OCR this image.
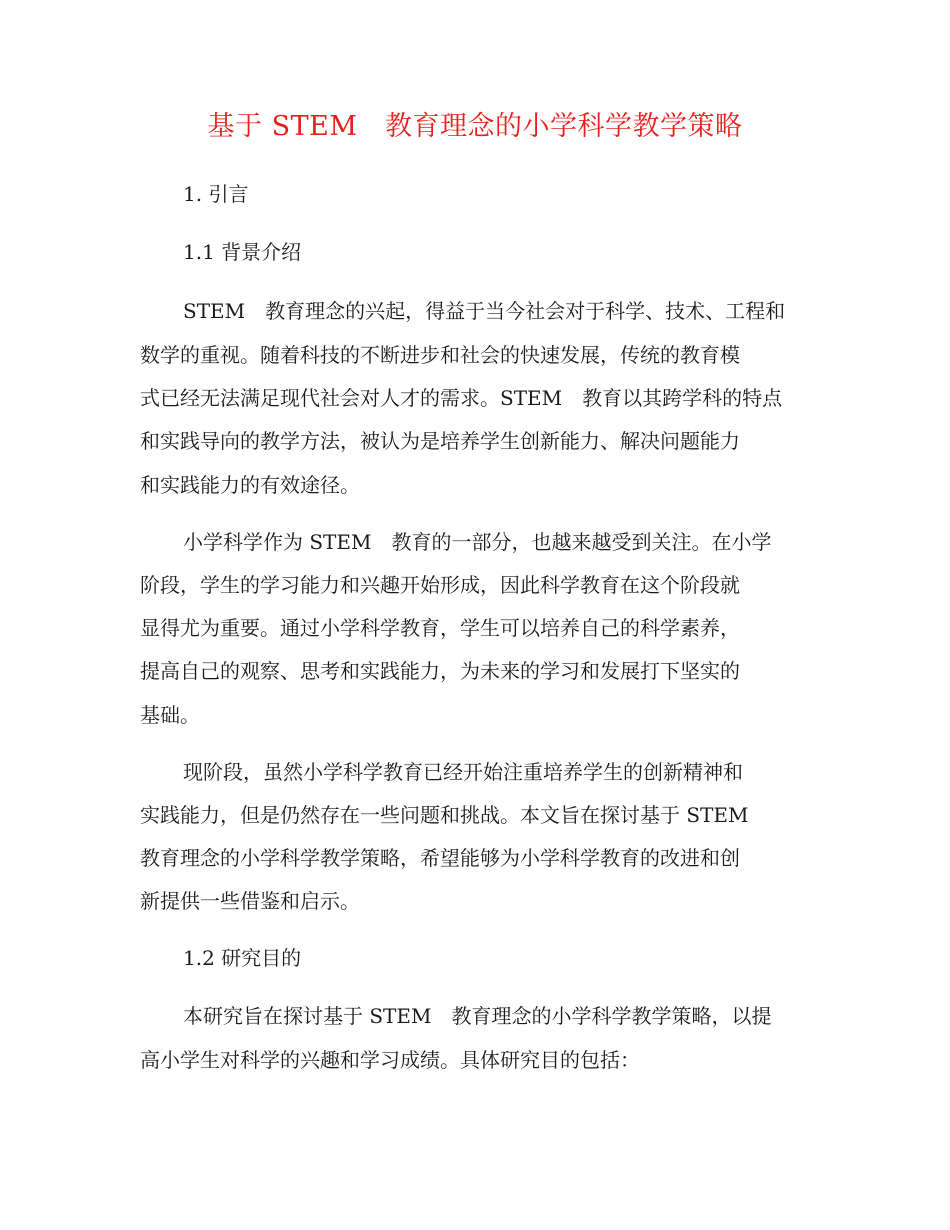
基于 STEM　教育理念的小学科学教学策略
1. 引言
1.1 背景介绍
STEM　教育理念的兴起，得益于当今社会对于科学、技术、工程和
数学的重视。随着科技的不断进步和社会的快速发展，传统的教育模
式已经无法满足现代社会对人才的需求。STEM　教育以其跨学科的特点
和实践导向的教学方法，被认为是培养学生创新能力、解决问题能力
和实践能力的有效途径。
小学科学作为 STEM　教育的一部分，也越来越受到关注。在小学
阶段，学生的学习能力和兴趣开始形成，因此科学教育在这个阶段就
显得尤为重要。通过小学科学教育，学生可以培养自己的科学素养，
提高自己的观察、思考和实践能力，为未来的学习和发展打下坚实的
基础。
现阶段，虽然小学科学教育已经开始注重培养学生的创新精神和
实践能力，但是仍然存在一些问题和挑战。本文旨在探讨基于 STEM
教育理念的小学科学教学策略，希望能够为小学科学教育的改进和创
新提供一些借鉴和启示。
1.2 研究目的
本研究旨在探讨基于 STEM　教育理念的小学科学教学策略，以提
高小学生对科学的兴趣和学习成绩。具体研究目的包括：
